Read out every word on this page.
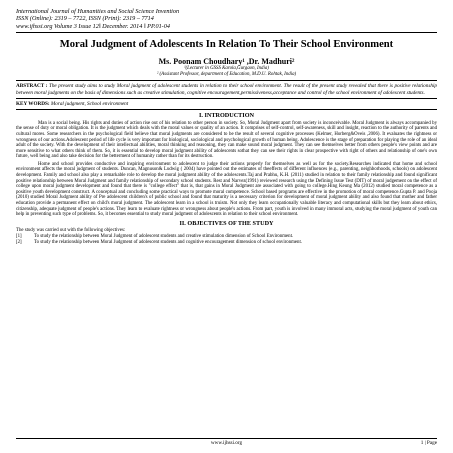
International Journal of Humanities and Social Science Invention
ISSN (Online): 2319 – 7722, ISSN (Print): 2319 – 7714
www.ijhssi.org Volume 3 Issue 12ǁ December. 2014 ǁ PP.01-04
Moral Judgment of Adolescents In Relation To Their School Environment
Ms. Poonam Choudhary¹ ,Dr. Madhuri²
¹(Lecturer in GSSS Karola,Gurgaon, India)
² (Assistant Professor, department of Education, M.D.U. Rohtak, India)
ABSTRACT : The present study aims to study Moral judgment of adolescent students in relation to their school environment. The result of the present study revealed that there is positive relationship between moral judgments on the basis of dimensions such as creative stimulation, cognitive encouragement,permissiveness,acceptance and control of the school environment of adolescent students.
KEY WORDS: Moral judgment, School environment
I. INTRODUCTION

Man is a social being. His rights and duties of action rise out of his relation to other person in society. So, Moral Judgment apart from society is inconceivable. Moral Judgment is always accompanied by the sense of duty or moral obligation. It is the judgment which deals with the moral values or quality of an action. It comprises of self-control, self-awareness, skill and insight, reaction to the authority of parents and cultural mores. Some researchers in the psychological field believe that moral judgments are considered to be the result of several cognitive processes (Kelmer, Horberg&Oveis ,2006). It evaluates the rightness or wrongness of our actions.Adolescent period of life cycle is very important for biological, sociological and psychological growth of human being. Adolescence is the stage of preparation for playing the role of an ideal adult of the society. With the development of their intellectual abilities, moral thinking and reasoning, they can make sound moral judgment. They can see themselves better from others people's view points and are more sensitive to what others think of them. So, it is essential to develop moral judgment ability of adolescents sothat they can see their rights in clear prospective with right of others and relationship of one's own future, well being and also take decision for the betterment of humanity rather than for its destruction.

Home and school provides conductive and inspiring environment to adolescent to judge their actions properly for themselves as well as for the society.Researches indicated that home and school environment affects the moral judgment of students. Duncan, Magnuson& Ludwig ( 2004) have pointed out the estimates of theeffects of different influences (e.g., parenting, neighborhoods, schools) on adolescent development. Family and school also play a remarkable role to develop the moral judgment ability of the adolescents.Taj and Prabhu, K.H. (2011) studied in relation to their family relationship and found significant positive relationship between Moral Judgment and family relationship of secondary school students. Rest and Narvez(1991) reviewed research using the Defining Issue Test (DIT) of moral judgement on the effect of college upon moral judgment development and found that there is "college effect" that is, that gains in Moral Judgment are associated with going to college.Hing Keung Ma (2012) studied moral competence as a positive youth development construct. A conceptual and concluding some practical ways to promote moral competence. School based programs are effective in the promotion of moral competence.Gupta P. and Pooja (2010) studied Moral Judgment ability of Pre adolescent children's of public school and found that maturity is a necessary criterion for development of moral judgment ability and also found that mother and father education provide a permanent effect on child's moral judgment. The adolescent learn in a school is truism. Not only they learn occupationally valuable literacy and computational skills but they learn about ethics, citizenship, adequate judgment of people's actions. They learn to evaluate rightness or wrongness about people's actions. From part, youth is involved in many immoral acts, studying the moral judgment of youth can help in preventing such type of problems. So, it becomes essential to study moral judgment of adolescents in relation to their school environment.

II. OBJECTIVES OF THE STUDY

The study was carried out with the following objectives:

[1]	To study the relationship between Moral Judgment of adolescent students and creative stimulation dimension of School Environment.
[2]	To study the relationship between Moral Judgment of adolescent students and cognitive encouragement dimension of school environment.
www.ijhssi.org	1 | Page
